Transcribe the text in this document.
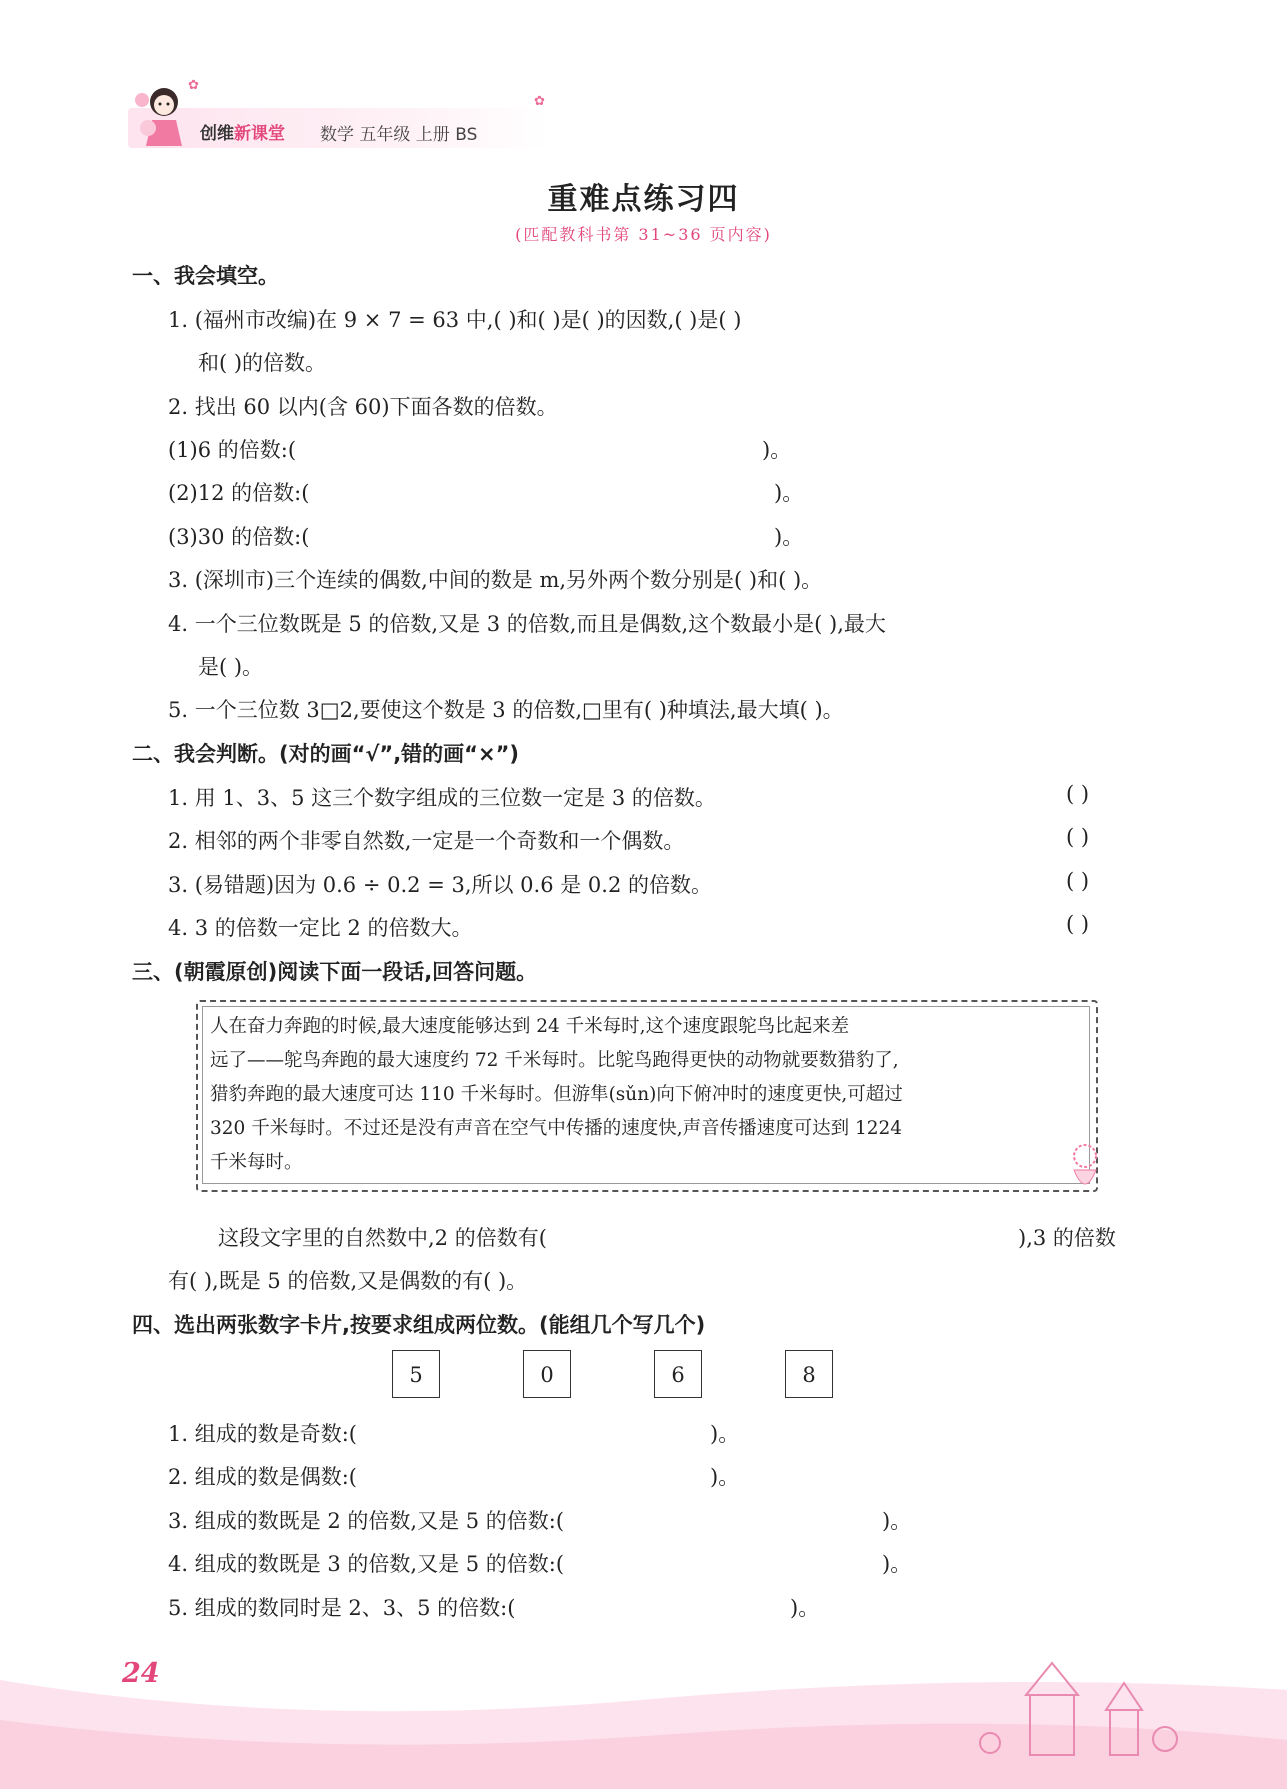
创维新课堂 数学 五年级 上册 BS
✿
✿
重难点练习四
(匹配教科书第 31~36 页内容)
一、我会填空。
1. (福州市改编)在 9 × 7 = 63 中,( )和( )是( )的因数,( )是( )
和( )的倍数。
2. 找出 60 以内(含 60)下面各数的倍数。
(1)6 的倍数:(	)。
(2)12 的倍数:(	)。
(3)30 的倍数:(	)。
3. (深圳市)三个连续的偶数,中间的数是 m,另外两个数分别是( )和( )。
4. 一个三位数既是 5 的倍数,又是 3 的倍数,而且是偶数,这个数最小是( ),最大
是( )。
5. 一个三位数 3□2,要使这个数是 3 的倍数,□里有( )种填法,最大填( )。
二、我会判断。(对的画“√”,错的画“×”)
1. 用 1、3、5 这三个数字组成的三位数一定是 3 的倍数。	( )
2. 相邻的两个非零自然数,一定是一个奇数和一个偶数。	( )
3. (易错题)因为 0.6 ÷ 0.2 = 3,所以 0.6 是 0.2 的倍数。	( )
4. 3 的倍数一定比 2 的倍数大。	( )
三、(朝霞原创)阅读下面一段话,回答问题。
人在奋力奔跑的时候,最大速度能够达到 24 千米每时,这个速度跟鸵鸟比起来差
远了——鸵鸟奔跑的最大速度约 72 千米每时。比鸵鸟跑得更快的动物就要数猎豹了,
猎豹奔跑的最大速度可达 110 千米每时。但游隼(sǔn)向下俯冲时的速度更快,可超过
320 千米每时。不过还是没有声音在空气中传播的速度快,声音传播速度可达到 1224
千米每时。
这段文字里的自然数中,2 的倍数有(	),3 的倍数
有( ),既是 5 的倍数,又是偶数的有( )。
四、选出两张数字卡片,按要求组成两位数。(能组几个写几个)
5	0	6	8
1. 组成的数是奇数:(	)。
2. 组成的数是偶数:(	)。
3. 组成的数既是 2 的倍数,又是 5 的倍数:(	)。
4. 组成的数既是 3 的倍数,又是 5 的倍数:(	)。
5. 组成的数同时是 2、3、5 的倍数:(	)。
24
